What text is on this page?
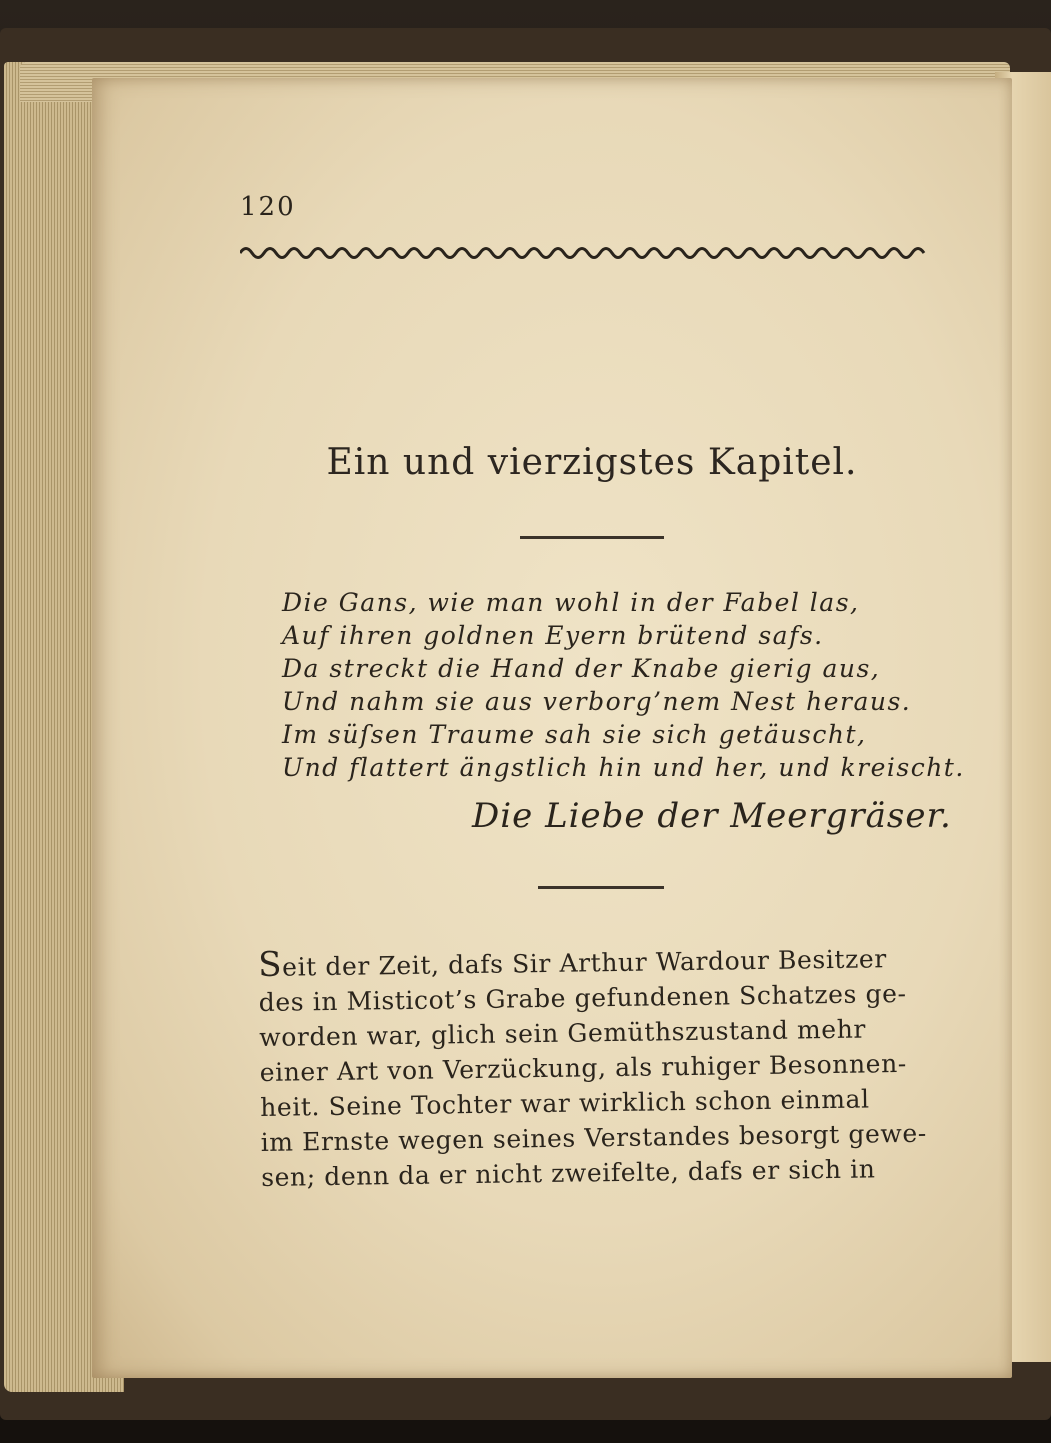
120
Ein und vierzigstes Kapitel.
Die Gans, wie man wohl in der Fabel las,
Auf ihren goldnen Eyern brütend safs.
Da streckt die Hand der Knabe gierig aus,
Und nahm sie aus verborg’nem Nest heraus.
Im süſsen Traume sah sie sich getäuscht,
Und flattert ängstlich hin und her, und kreischt.
Die Liebe der Meergräser.
Seit der Zeit, dafs Sir Arthur Wardour Besitzer
des in Misticot’s Grabe gefundenen Schatzes ge-
worden war, glich sein Gemüthszustand mehr
einer Art von Verzückung, als ruhiger Besonnen-
heit. Seine Tochter war wirklich schon einmal
im Ernste wegen seines Verstandes besorgt gewe-
sen; denn da er nicht zweifelte, dafs er sich in
